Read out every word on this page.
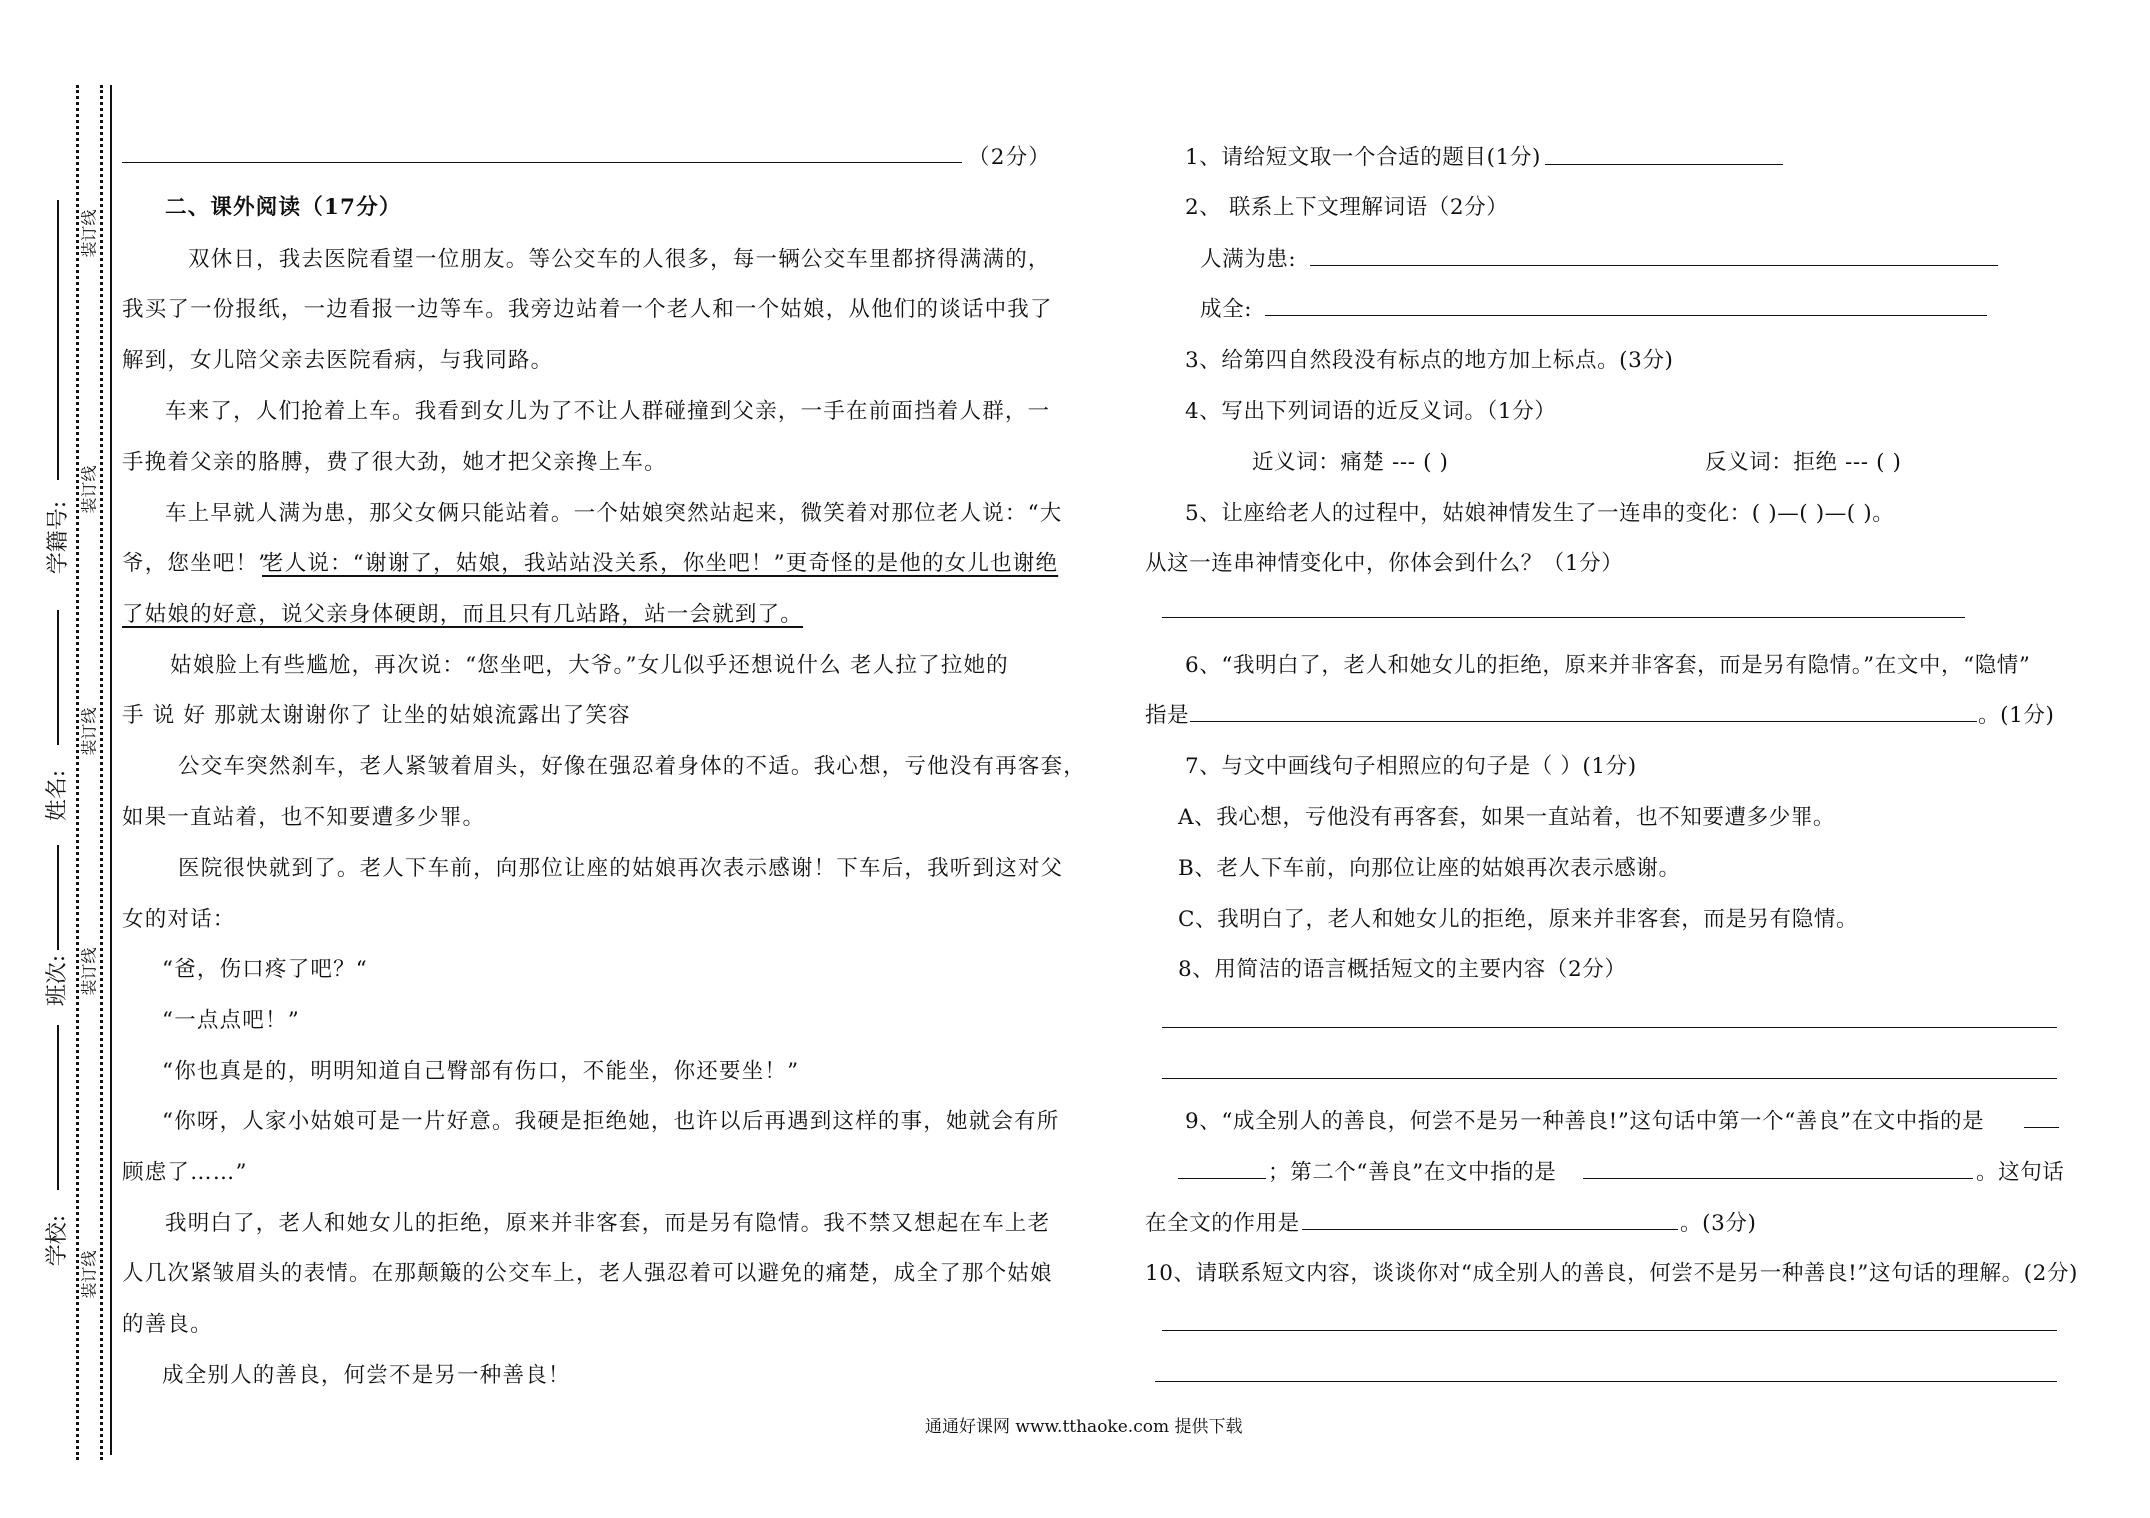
装订线
装订线
装订线
装订线
装订线
学籍号:
姓名:
班次:
学校:
（2分）
二、课外阅读（17分）
双休日，我去医院看望一位朋友。等公交车的人很多，每一辆公交车里都挤得满满的，
我买了一份报纸，一边看报一边等车。我旁边站着一个老人和一个姑娘，从他们的谈话中我了
解到，女儿陪父亲去医院看病，与我同路。
车来了，人们抢着上车。我看到女儿为了不让人群碰撞到父亲，一手在前面挡着人群，一
手挽着父亲的胳膊，费了很大劲，她才把父亲搀上车。
车上早就人满为患，那父女俩只能站着。一个姑娘突然站起来，微笑着对那位老人说：“大
爷，您坐吧！”
老人说：“谢谢了，姑娘，我站站没关系，你坐吧！”更奇怪的是他的女儿也谢绝
了姑娘的好意，说父亲身体硬朗，而且只有几站路，站一会就到了。
姑娘脸上有些尴尬，再次说：“您坐吧，大爷。”女儿似乎还想说什么 老人拉了拉她的
手 说 好 那就太谢谢你了 让坐的姑娘流露出了笑容
公交车突然刹车，老人紧皱着眉头，好像在强忍着身体的不适。我心想，亏他没有再客套，
如果一直站着，也不知要遭多少罪。
医院很快就到了。老人下车前，向那位让座的姑娘再次表示感谢！下车后，我听到这对父
女的对话：
“爸，伤口疼了吧？“
“一点点吧！”
“你也真是的，明明知道自己臀部有伤口，不能坐，你还要坐！”
“你呀，人家小姑娘可是一片好意。我硬是拒绝她，也许以后再遇到这样的事，她就会有所
顾虑了……”
我明白了，老人和她女儿的拒绝，原来并非客套，而是另有隐情。我不禁又想起在车上老
人几次紧皱眉头的表情。在那颠簸的公交车上，老人强忍着可以避免的痛楚，成全了那个姑娘
的善良。
成全别人的善良，何尝不是另一种善良！
1、请给短文取一个合适的题目(1分)
2、 联系上下文理解词语（2分）
人满为患:
成全:
3、给第四自然段没有标点的地方加上标点。(3分)
4、写出下列词语的近反义词。（1分）
近义词：痛楚 --- ( )	反义词：拒绝 --- ( )
5、让座给老人的过程中，姑娘神情发生了一连串的变化：( )—( )—( )。
从这一连串神情变化中，你体会到什么？（1分）
6、“我明白了，老人和她女儿的拒绝，原来并非客套，而是另有隐情。”在文中，“隐情”
指是	。(1分)
7、与文中画线句子相照应的句子是（ ）(1分)
A、我心想，亏他没有再客套，如果一直站着，也不知要遭多少罪。
B、老人下车前，向那位让座的姑娘再次表示感谢。
C、我明白了，老人和她女儿的拒绝，原来并非客套，而是另有隐情。
8、用简洁的语言概括短文的主要内容（2分）
9、“成全别人的善良，何尝不是另一种善良!”这句话中第一个“善良”在文中指的是
；第二个“善良”在文中指的是	。这句话
在全文的作用是	。(3分)
10、请联系短文内容，谈谈你对“成全别人的善良，何尝不是另一种善良!”这句话的理解。(2分)
通通好课网 www.tthaoke.com 提供下载
